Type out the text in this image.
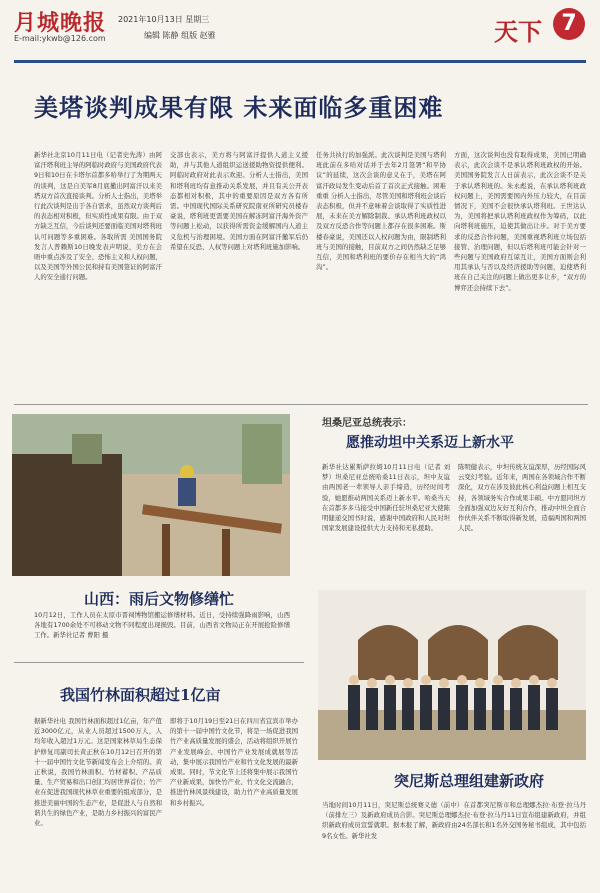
月城晚报
E-mail:ykwb@126.com
2021年10月13日 星期三
编辑 陈静 组版 赵雅	天下 7
美塔谈判成果有限 未来面临多重困难
新华社北京10月11日电（记者史先涛）由阿富汗塔利班主导的阿临时政府与美国政府代表9日和10日在卡塔尔首都多哈举行了为期两天的谈判，这是自美军8月底撤出阿富汗以来美塔双方首次直接谈判。分析人士指出，美塔举行此次谈判是出于各自需求，虽然双方谈判后的表态相对积极，但实质性成果有限。由于双方缺乏互信，今后谈判还要面临美国对塔利班认可问题等多重困难。各取所需 美国国务院发言人普赖斯10日晚发表声明说，美方在会晤中重点涉及了安全、恐怖主义和人权问题，以及美国等外国公民和持有美国签证的阿富汗人的安全通行问题。
交部也表示，美方将与阿富汗提供人道主义援助，并与其他人道组织运送援助物资提供便利。阿临时政府对此表示欢迎。分析人士指出，美国和塔利班均有意推动关系发展，并且有关公开表态都相对积极，其中的重要原因是双方各有所需。中国现代国际关系研究院南亚所研究员楼春豪说，塔利班更需要美国在解冻阿富汗海外资产等问题上松动，以获得所需资金缓解国内人道主义危机与治理困境。美国方面在阿富汗撤军后仍希望在反恐、人权等问题上对塔利班施加影响。
任务共执行的加强派。此次谈判是美国与塔利班此前在多哈对话并于去年2月签署“和平协议”的延续，这次会谈的意义在于，美塔在阿富汗政局发生变动后首了首次正式接触。困难重重 分析人士指出，尽管美国和塔利班会谈后表态积极，但并不意味着会谈取得了实质性进展，未来在美方解除制裁、承认塔利班政权以及双方反恐合作等问题上都存在很多困难。斯楼春豪说，美国还以人权问题为由，限制塔利班与美国的接触，目前双方之间仍然缺乏足够互信，美国和塔利班的要价存在相当大的“鸿沟”。
方面，这次谈判也没有取得成果，美国已明确表示，此次会谈不是承认塔利班政权的开始。美国国务院发言人日前表示，此次会谈不是关于承认塔利班的。朱永彪说，在承认塔利班政权问题上，美国需要国内外压力较大，在目前情况下，美国不会很快承认塔利班。王世达认为，美国将把承认塔利班政权作为筹码，以此向塔利班施压，迫使其做出让步。对于美方要求的反恐合作问题，美国重视塔利班立场包括接管、治理问题，但以后塔利班可能会针对一些问题与美国政府互谅互让，美国方面则会利用其承认与否以及经济援助等问题，迫使塔利班在自己关注的问题上做出更多让步，“双方的博弈还会持续下去”。
山西：雨后文物修缮忙
10月12日，工作人员在太原市晋祠博物馆搬运修缮材料。近日，受持续强降雨影响，山西各地有1700余处不可移动文物不同程度出现损毁。目前，山西省文物局正在开展抢险修缮工作。新华社记者 曹阳 摄
我国竹林面积超过1亿亩
据新华社电 我国竹林面积超过1亿亩，年产值近3000亿元，从业人员超过1500万人，人均年收入超过1万元。这是国家林草局生态保护修复司副司长黄正秋在10月12日召开的第十一届中国竹文化节新闻发布会上介绍的。黄正秋说，我国竹林面积、竹材蓄积、产品质量、生产贸易和出口创汇均居世界首位；竹产业在促进我国现代林草业重要的组成部分，是推进美丽中国的生态产业，是促进人与自然和谐共生的绿色产业，是助力乡村振兴的富民产业。
即将于10月19日至21日在四川省宜宾市举办的第十一届中国竹文化节，将是一场促进我国竹产业高质量发展的盛会，活动将组织开展竹产业发展峰会、中国竹产业发展成就展等活动，集中展示我国竹产业和竹文化发展的最新成果。同时，节文化节上还将集中展示我国竹产业新成果，加快竹产业、竹文化交流融合，推进竹林风景线建设，助力竹产业高质量发展和乡村振兴。
坦桑尼亚总统表示：
愿推动坦中关系迈上新水平
新华社达累斯萨拉姆10月11日电（记者 刘梦）坦桑尼亚总统哈桑11日表示，坦中友谊由两国老一辈领导人亲手缔造，历经时间考验，她愿推动两国关系迈上新水平。哈桑当天在首都多多马接受中国新任驻坦桑尼亚大使陈明健递交国书时说，感谢中国政府和人民对坦国家发展建设提供大力支持和无私援助。
陈明健表示，中坦传统友谊深厚，历经国际风云变幻考验。近年来，两国在各领域合作不断深化，双方在涉及彼此核心利益问题上相互支持，各领域务实合作成果丰硕。中方愿同坦方全面加强双边友好互利合作，推动中坦全面合作伙伴关系不断取得新发展，造福两国和两国人民。
突尼斯总理组建新政府
当地时间10月11日，突尼斯总统赛义德（前中）在首都突尼斯市和总理娜杰拉·布登·拉马丹（前排左三）及新政府成员合影。突尼斯总理娜杰拉·布登·拉马丹11日宣布组建新政府，并组织新政府成员宣誓就职。据本报了解，新政府由24名部长和1名外交国务秘书组成，其中包括9名女性。新华社发
